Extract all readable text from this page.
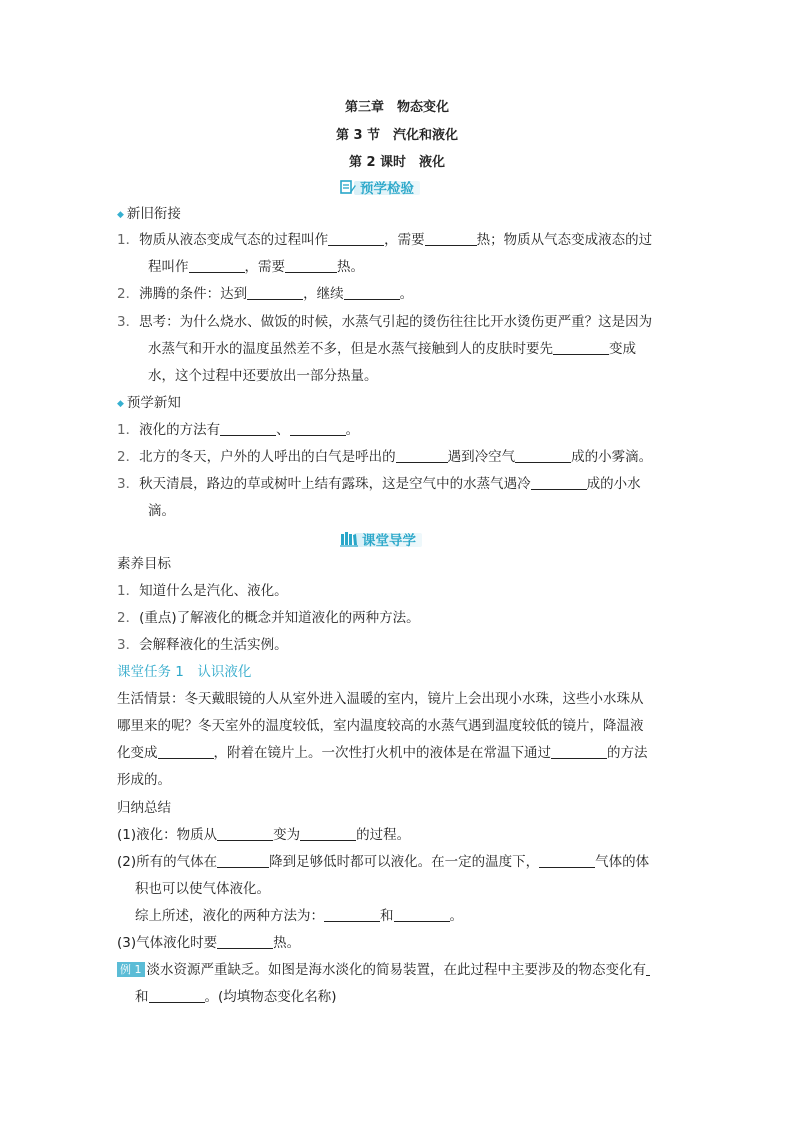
第三章　物态变化
第 3 节　汽化和液化
第 2 课时　液化
预学检验
◆ 新旧衔接
1．物质从液态变成气态的过程叫作	，需要	热；物质从气态变成液态的过
程叫作	，需要	热。
2．沸腾的条件：达到	，继续	。
3．思考：为什么烧水、做饭的时候，水蒸气引起的烫伤往往比开水烫伤更严重？这是因为
水蒸气和开水的温度虽然差不多，但是水蒸气接触到人的皮肤时要先	变成
水，这个过程中还要放出一部分热量。
◆ 预学新知
1．液化的方法有	、	。
2．北方的冬天，户外的人呼出的白气是呼出的	遇到冷空气	成的小雾滴。
3．秋天清晨，路边的草或树叶上结有露珠，这是空气中的水蒸气遇冷	成的小水
滴。
课堂导学
素养目标
1．知道什么是汽化、液化。
2．(重点)了解液化的概念并知道液化的两种方法。
3．会解释液化的生活实例。
课堂任务 1　认识液化
生活情景：冬天戴眼镜的人从室外进入温暖的室内，镜片上会出现小水珠，这些小水珠从
哪里来的呢？冬天室外的温度较低，室内温度较高的水蒸气遇到温度较低的镜片，降温液
化变成	，附着在镜片上。一次性打火机中的液体是在常温下通过	的方法
形成的。
归纳总结
(1)液化：物质从	变为	的过程。
(2)所有的气体在	降到足够低时都可以液化。在一定的温度下，	气体的体
积也可以使气体液化。
综上所述，液化的两种方法为：	和	。
(3)气体液化时要	热。
例 1 淡水资源严重缺乏。如图是海水淡化的简易装置，在此过程中主要涉及的物态变化有
和	。(均填物态变化名称)
